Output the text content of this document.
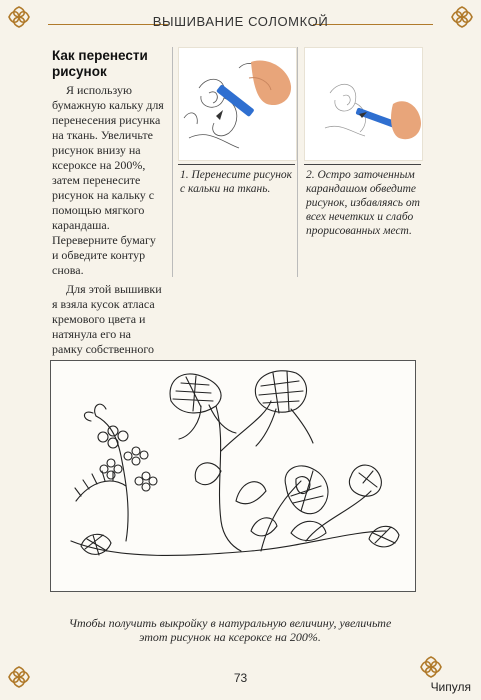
ВЫШИВАНИЕ СОЛОМКОЙ
Как перенести рисунок

Я использую бумажную кальку для перенесения рисунка на ткань. Увеличьте рисунок внизу на ксероксе на 200%, затем перенесите рисунок на кальку с помощью мягкого карандаша. Переверните бумагу и обведите контур снова.

Для этой вышивки я взяла кусок атласа кремового цвета и натянула его на рамку собственного

1. Перенесите рисунок с кальки на ткань.
2. Остро заточенным карандашом обведите рисунок, избавляясь от всех нечетких и слабо прорисованных мест.
Чтобы получить выкройку в натуральную величину, увеличьте этот рисунок на ксероксе на 200%.
73
Чипуля
